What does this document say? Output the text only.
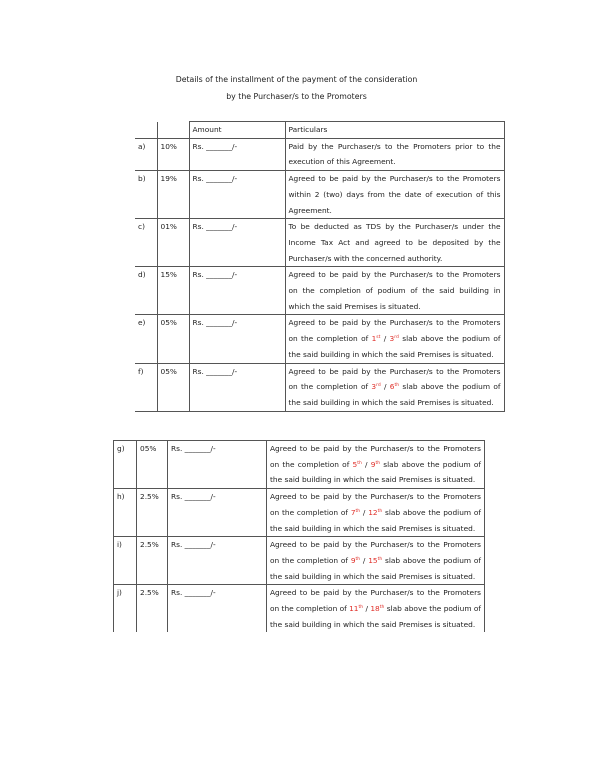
Details of the installment of the payment of the consideration
by the Purchaser/s to the Promoters
		Amount	Particulars
a)	10%	Rs. _______/-	Paid by the Purchaser/s to the Promoters prior to the execution of this Agreement.
b)	19%	Rs. _______/-	Agreed to be paid by the Purchaser/s to the Promoters within 2 (two) days from the date of execution of this Agreement.
c)	01%	Rs. _______/-	To be deducted as TDS by the Purchaser/s under the Income Tax Act and agreed to be deposited by the Purchaser/s with the concerned authority.
d)	15%	Rs. _______/-	Agreed to be paid by the Purchaser/s to the Promoters on the completion of podium of the said building in which the said Premises is situated.
e)	05%	Rs. _______/-	Agreed to be paid by the Purchaser/s to the Promoters on the completion of 1st / 3rd slab above the podium of the said building in which the said Premises is situated.
f)	05%	Rs. _______/-	Agreed to be paid by the Purchaser/s to the Promoters on the completion of 3rd / 6th slab above the podium of the said building in which the said Premises is situated.
g)	05%	Rs. _______/-	Agreed to be paid by the Purchaser/s to the Promoters on the completion of 5th / 9th slab above the podium of the said building in which the said Premises is situated.
h)	2.5%	Rs. _______/-	Agreed to be paid by the Purchaser/s to the Promoters on the completion of 7th / 12th slab above the podium of the said building in which the said Premises is situated.
i)	2.5%	Rs. _______/-	Agreed to be paid by the Purchaser/s to the Promoters on the completion of 9th / 15th slab above the podium of the said building in which the said Premises is situated.
j)	2.5%	Rs. _______/-	Agreed to be paid by the Purchaser/s to the Promoters on the completion of 11th / 18th slab above the podium of the said building in which the said Premises is situated.
